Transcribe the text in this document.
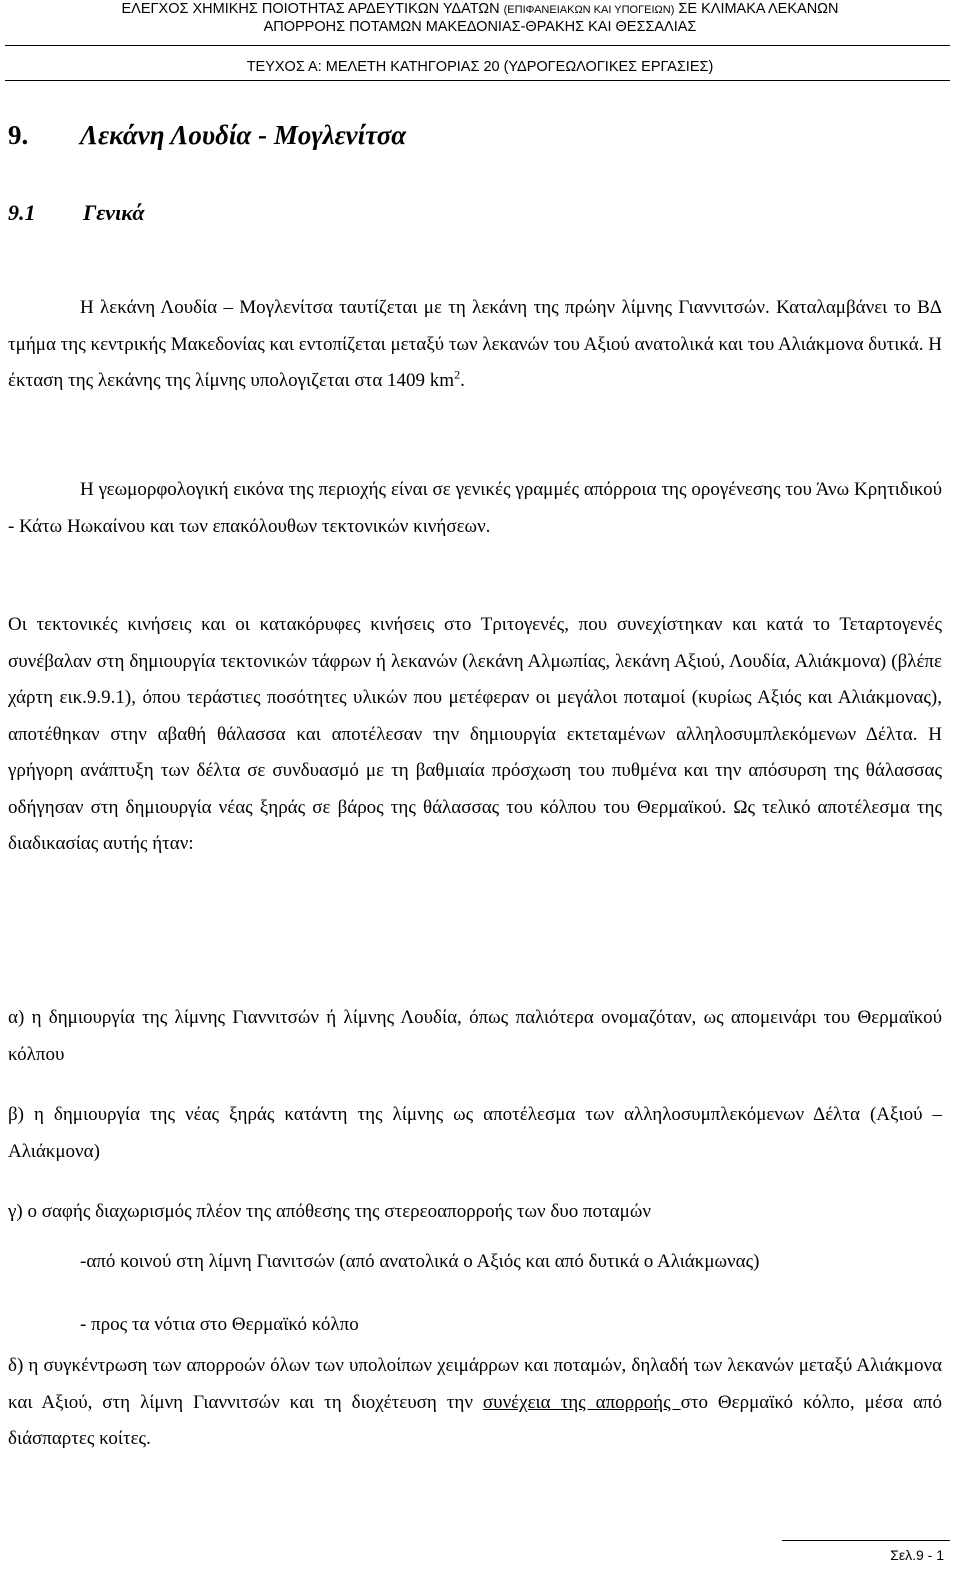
ΕΛΕΓΧΟΣ ΧΗΜΙΚΗΣ ΠΟΙΟΤΗΤΑΣ ΑΡΔΕΥΤΙΚΩΝ ΥΔΑΤΩΝ (ΕΠΙΦΑΝΕΙΑΚΩΝ ΚΑΙ ΥΠΟΓΕΙΩΝ) ΣΕ ΚΛΙΜΑΚΑ ΛΕΚΑΝΩΝ
ΑΠΟΡΡΟΗΣ ΠΟΤΑΜΩΝ ΜΑΚΕΔΟΝΙΑΣ-ΘΡΑΚΗΣ ΚΑΙ ΘΕΣΣΑΛΙΑΣ
ΤΕΥΧΟΣ Α: ΜΕΛΕΤΗ ΚΑΤΗΓΟΡΙΑΣ 20 (ΥΔΡΟΓΕΩΛΟΓΙΚΕΣ ΕΡΓΑΣΙΕΣ)
9. Λεκάνη Λουδία - Μογλενίτσα
9.1 Γενικά

Η λεκάνη Λουδία – Μογλενίτσα ταυτίζεται με τη λεκάνη της πρώην λίμνης Γιαννιτσών. Καταλαμβάνει το ΒΔ τμήμα της κεντρικής Μακεδονίας και εντοπίζεται μεταξύ των λεκανών του Αξιού ανατολικά και του Αλιάκμονα δυτικά. Η έκταση της λεκάνης της λίμνης υπολογιζεται στα 1409 $km^2$.

Η γεωμορφολογική εικόνα της περιοχής είναι σε γενικές γραμμές απόρροια της ορογένεσης του Άνω Κρητιδικού - Κάτω Ηωκαίνου και των επακόλουθων τεκτονικών κινήσεων.

Οι τεκτονικές κινήσεις και οι κατακόρυφες κινήσεις στο Τριτογενές, που συνεχίστηκαν και κατά το Τεταρτογενές συνέβαλαν στη δημιουργία τεκτονικών τάφρων ή λεκανών (λεκάνη Αλμωπίας, λεκάνη Αξιού, Λουδία, Αλιάκμονα) (βλέπε χάρτη εικ.9.9.1), όπου τεράστιες ποσότητες υλικών που μετέφεραν οι μεγάλοι ποταμοί (κυρίως Αξιός και Αλιάκμονας), αποτέθηκαν στην αβαθή θάλασσα και αποτέλεσαν την δημιουργία εκτεταμένων αλληλοσυμπλεκόμενων Δέλτα. Η γρήγορη ανάπτυξη των δέλτα σε συνδυασμό με τη βαθμιαία πρόσχωση του πυθμένα και την απόσυρση της θάλασσας οδήγησαν στη δημιουργία νέας ξηράς σε βάρος της θάλασσας του κόλπου του Θερμαϊκού. Ως τελικό αποτέλεσμα της διαδικασίας αυτής ήταν:

α) η δημιουργία της λίμνης Γιαννιτσών ή λίμνης Λουδία, όπως παλιότερα ονομαζόταν, ως απομεινάρι του Θερμαϊκού κόλπου

β) η δημιουργία της νέας ξηράς κατάντη της λίμνης ως αποτέλεσμα των αλληλοσυμπλεκόμενων Δέλτα (Αξιού – Αλιάκμονα)

γ) ο σαφής διαχωρισμός πλέον της απόθεσης της στερεοαπορροής των δυο ποταμών

-από κοινού στη λίμνη Γιανιτσών (από ανατολικά ο Αξιός και από δυτικά ο Αλιάκμωνας)

- προς τα νότια στο Θερμαϊκό κόλπο

δ) η συγκέντρωση των απορροών όλων των υπολοίπων χειμάρρων και ποταμών, δηλαδή των λεκανών μεταξύ Αλιάκμονα και Αξιού, στη λίμνη Γιαννιτσών και τη διοχέτευση την συνέχεια της απορροής στο Θερμαϊκό κόλπο, μέσα από διάσπαρτες κοίτες.

Σελ.9 - 1
